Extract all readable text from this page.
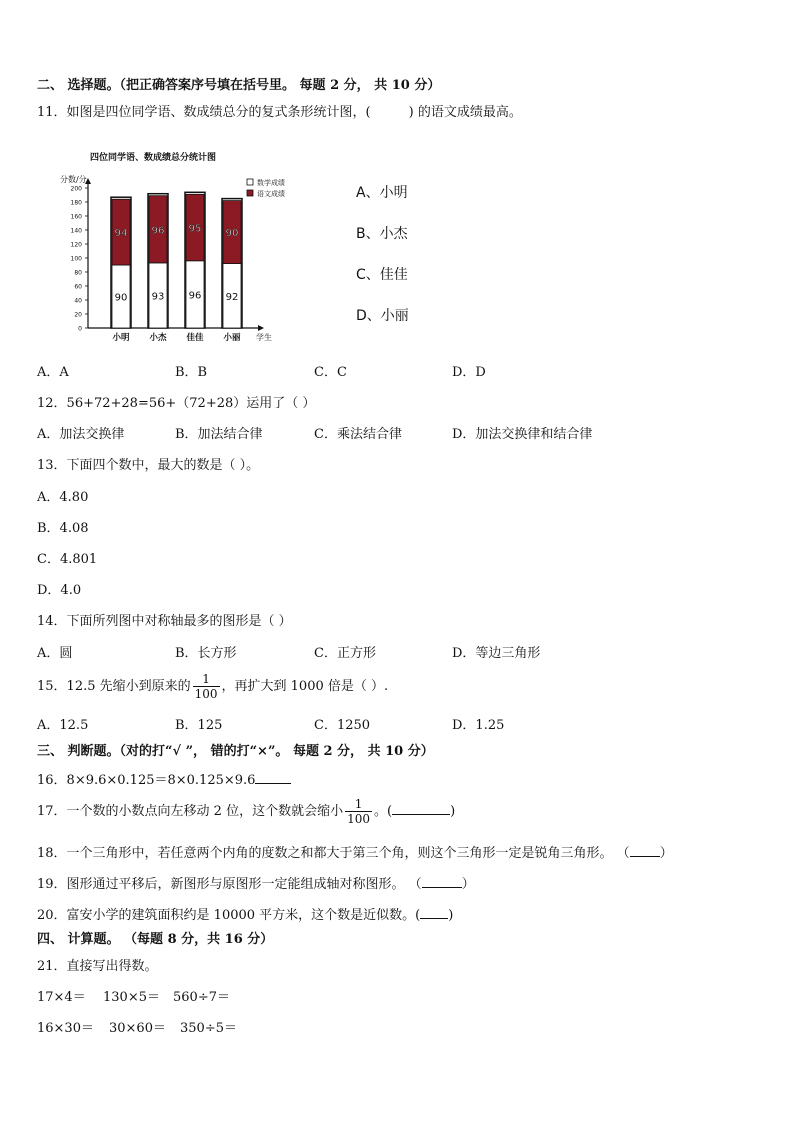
二、 选择题。（把正确答案序号填在括号里。 每题 2 分， 共 10 分）
11．如图是四位同学语、数成绩总分的复式条形统计图，(	) 的语文成绩最高。
四位同学语、数成绩总分统计图
分数/分
0
20
40
60
80
100
120
140
160
180
200
学生
数学成绩
语文成绩
90
94
小明
93
96
小杰
96
95
佳佳
92
90
小丽
A、小明
B、小杰
C、佳佳
D、小丽
A．A	B．B	C．C	D．D
12．56+72+28=56+（72+28）运用了（ ）
A．加法交换律	B．加法结合律	C．乘法结合律	D．加法交换律和结合律
13．下面四个数中，最大的数是（ ）。
A．4.80
B．4.08
C．4.801
D．4.0
14．下面所列图中对称轴最多的图形是（ ）
A．圆	B．长方形	C．正方形	D．等边三角形
15．12.5 先缩小到原来的 $\frac{1}{100}$ ，再扩大到 1000 倍是（ ）.
A．12.5	B．125	C．1250	D．1.25
三、 判断题。（对的打“√ ”， 错的打“×”。 每题 2 分， 共 10 分）
16．8×9.6×0.125＝8×0.125×9.6
17．一个数的小数点向左移动 2 位，这个数就会缩小 $\frac{1}{100}$ 。(	)
18．一个三角形中，若任意两个内角的度数之和都大于第三个角，则这个三角形一定是锐角三角形。 （ ）
19．图形通过平移后，新图形与原图形一定能组成轴对称图形。 （	）
20．富安小学的建筑面积约是 10000 平方米，这个数是近似数。( )
四、 计算题。 （每题 8 分，共 16 分）
21．直接写出得数。
17×4＝ 130×5＝ 560÷7＝
16×30＝ 30×60＝ 350÷5＝
